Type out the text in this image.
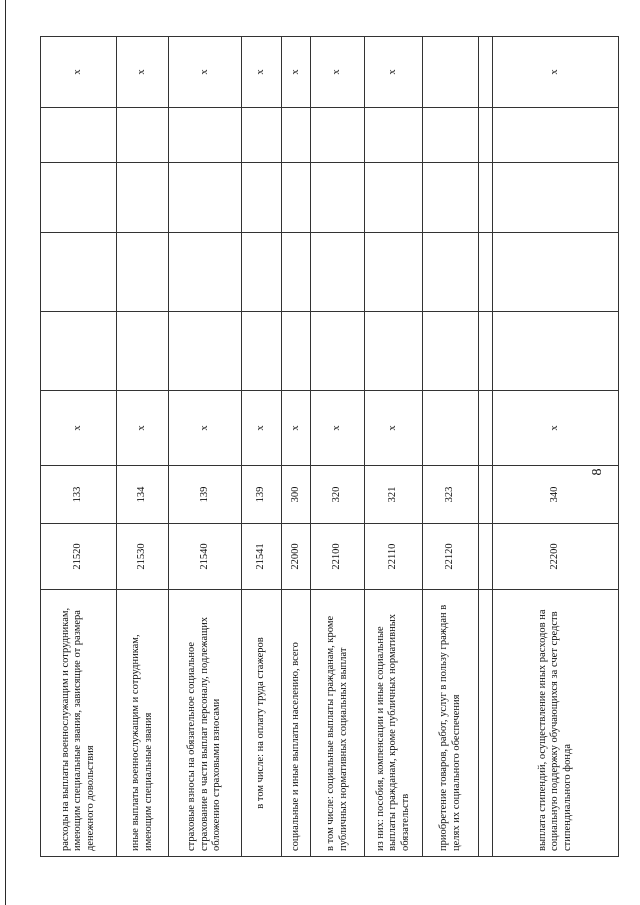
8
расходы на выплаты военнослужащим и сотрудникам, имеющим специальные звания, зависящие от размера денежного довольствия	21520	133	x					x
иные выплаты военнослужащим и сотрудникам, имеющим специальные звания	21530	134	x					x
страховые взносы на обязательное социальное страхование в части выплат персоналу, подлежащих обложению страховыми взносами	21540	139	x					x
в том числе: на оплату труда стажеров	21541	139	x					x
социальные и иные выплаты населению, всего	22000	300	x					x
в том числе: социальные выплаты гражданам, кроме публичных нормативных социальных выплат	22100	320	x					x
из них: пособия, компенсации и иные социальные выплаты гражданам, кроме публичных нормативных обязательств	22110	321	x					x
приобретение товаров, работ, услуг в пользу граждан в целях их социального обеспечения	22120	323						

выплата стипендий, осуществление иных расходов на социальную поддержку обучающихся за счет средств стипендиального фонда	22200	340	x					x
